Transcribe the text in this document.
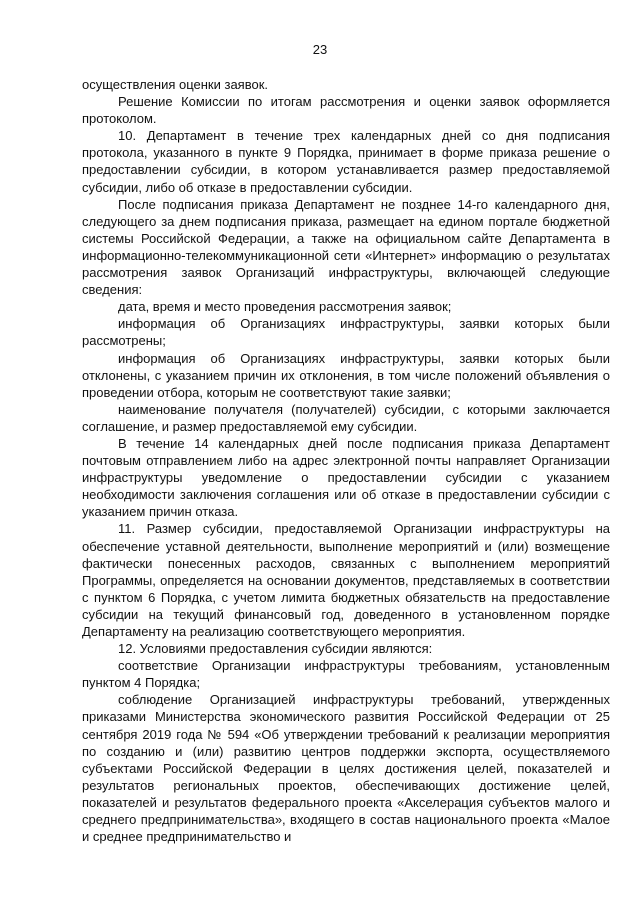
23

осуществления оценки заявок.

Решение Комиссии по итогам рассмотрения и оценки заявок оформляется протоколом.

10. Департамент в течение трех календарных дней со дня подписания протокола, указанного в пункте 9 Порядка, принимает в форме приказа решение о предоставлении субсидии, в котором устанавливается размер предоставляемой субсидии, либо об отказе в предоставлении субсидии.

После подписания приказа Департамент не позднее 14-го календарного дня, следующего за днем подписания приказа, размещает на едином портале бюджетной системы Российской Федерации, а также на официальном сайте Департамента в информационно-телекоммуникационной сети «Интернет» информацию о результатах рассмотрения заявок Организаций инфраструктуры, включающей следующие сведения:

дата, время и место проведения рассмотрения заявок;

информация об Организациях инфраструктуры, заявки которых были рассмотрены;

информация об Организациях инфраструктуры, заявки которых были отклонены, с указанием причин их отклонения, в том числе положений объявления о проведении отбора, которым не соответствуют такие заявки;

наименование получателя (получателей) субсидии, с которыми заключается соглашение, и размер предоставляемой ему субсидии.

В течение 14 календарных дней после подписания приказа Департамент почтовым отправлением либо на адрес электронной почты направляет Организации инфраструктуры уведомление о предоставлении субсидии с указанием необходимости заключения соглашения или об отказе в предоставлении субсидии с указанием причин отказа.

11. Размер субсидии, предоставляемой Организации инфраструктуры на обеспечение уставной деятельности, выполнение мероприятий и (или) возмещение фактически понесенных расходов, связанных с выполнением мероприятий Программы, определяется на основании документов, представляемых в соответствии с пунктом 6 Порядка, с учетом лимита бюджетных обязательств на предоставление субсидии на текущий финансовый год, доведенного в установленном порядке Департаменту на реализацию соответствующего мероприятия.

12. Условиями предоставления субсидии являются:

соответствие Организации инфраструктуры требованиям, установленным пунктом 4 Порядка;

соблюдение Организацией инфраструктуры требований, утвержденных приказами Министерства экономического развития Российской Федерации от 25 сентября 2019 года № 594 «Об утверждении требований к реализации мероприятия по созданию и (или) развитию центров поддержки экспорта, осуществляемого субъектами Российской Федерации в целях достижения целей, показателей и результатов региональных проектов, обеспечивающих достижение целей, показателей и результатов федерального проекта «Акселерация субъектов малого и среднего предпринимательства», входящего в состав национального проекта «Малое и среднее предпринимательство и
